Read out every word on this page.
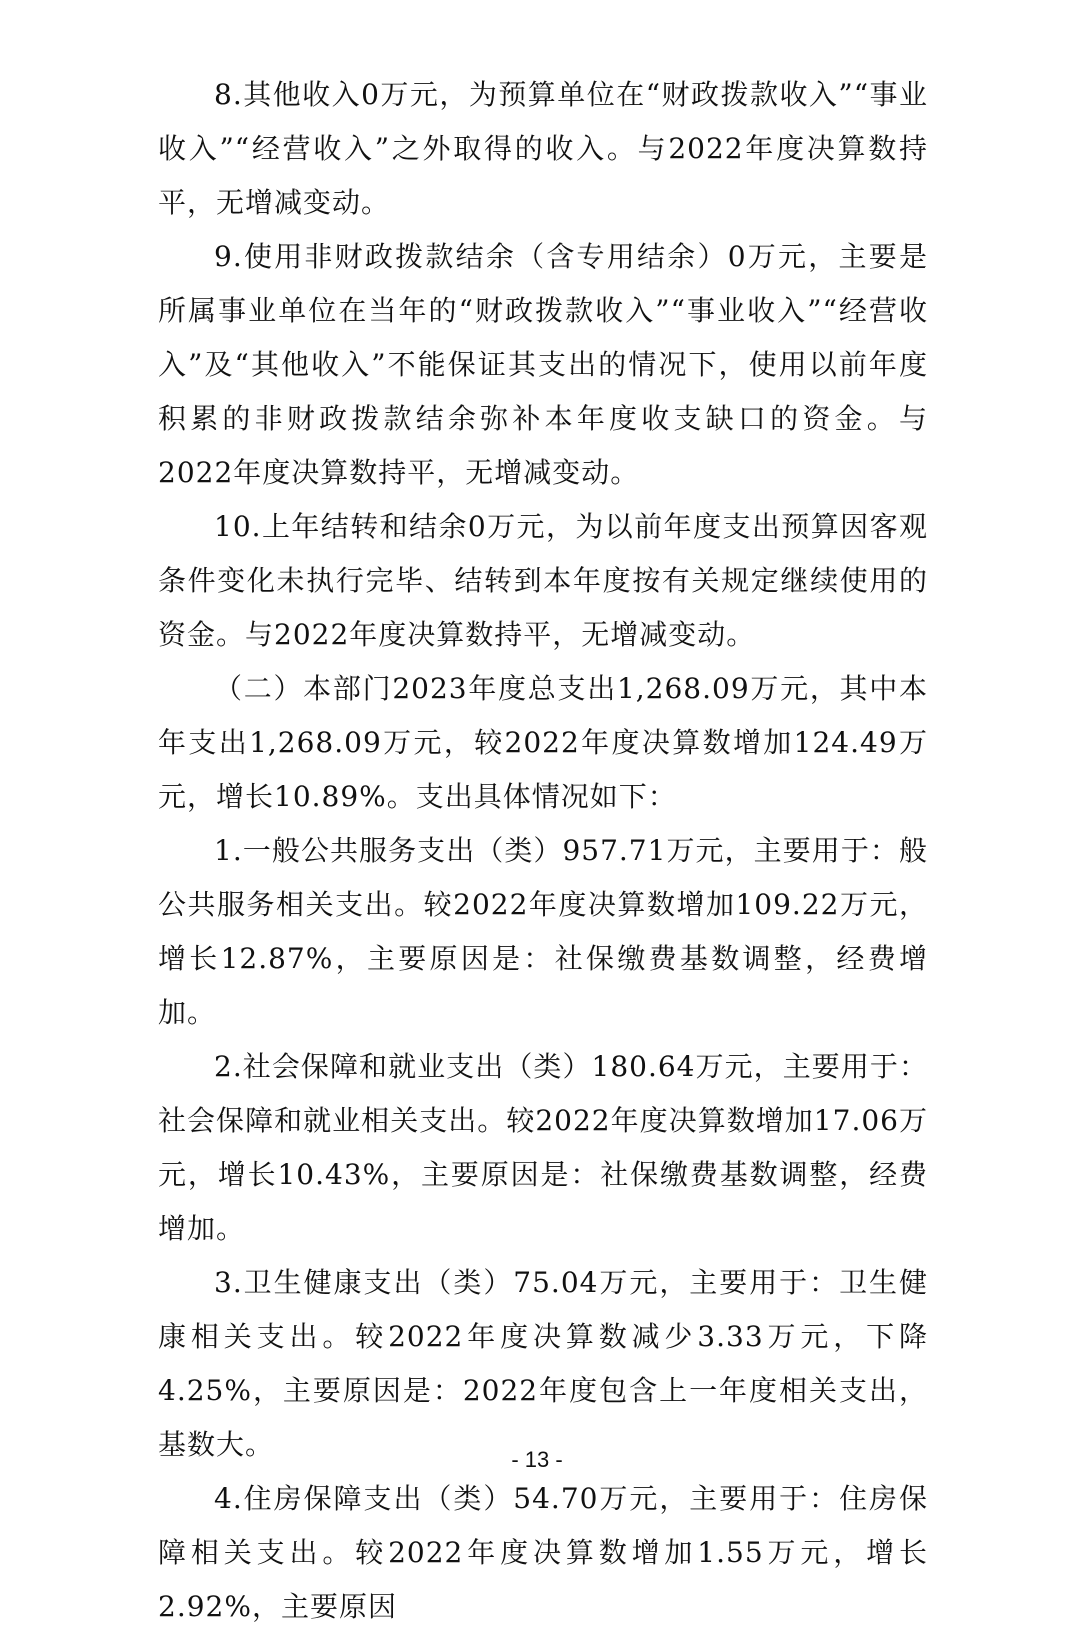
8.其他收入0万元，为预算单位在“财政拨款收入”“事业收入”“经营收入”之外取得的收入。与2022年度决算数持平，无增减变动。

9.使用非财政拨款结余（含专用结余）0万元，主要是所属事业单位在当年的“财政拨款收入”“事业收入”“经营收入”及“其他收入”不能保证其支出的情况下，使用以前年度积累的非财政拨款结余弥补本年度收支缺口的资金。与2022年度决算数持平，无增减变动。

10.上年结转和结余0万元，为以前年度支出预算因客观条件变化未执行完毕、结转到本年度按有关规定继续使用的资金。与2022年度决算数持平，无增减变动。

（二）本部门2023年度总支出1,268.09万元，其中本年支出1,268.09万元，较2022年度决算数增加124.49万元，增长10.89%。支出具体情况如下：

1.一般公共服务支出（类）957.71万元，主要用于：般公共服务相关支出。较2022年度决算数增加109.22万元，增长12.87%，主要原因是：社保缴费基数调整，经费增加。

2.社会保障和就业支出（类）180.64万元，主要用于：社会保障和就业相关支出。较2022年度决算数增加17.06万元，增长10.43%，主要原因是：社保缴费基数调整，经费增加。

3.卫生健康支出（类）75.04万元，主要用于：卫生健康相关支出。较2022年度决算数减少3.33万元，下降4.25%，主要原因是：2022年度包含上一年度相关支出，基数大。

4.住房保障支出（类）54.70万元，主要用于：住房保障相关支出。较2022年度决算数增加1.55万元，增长2.92%，主要原因

- 13 -
